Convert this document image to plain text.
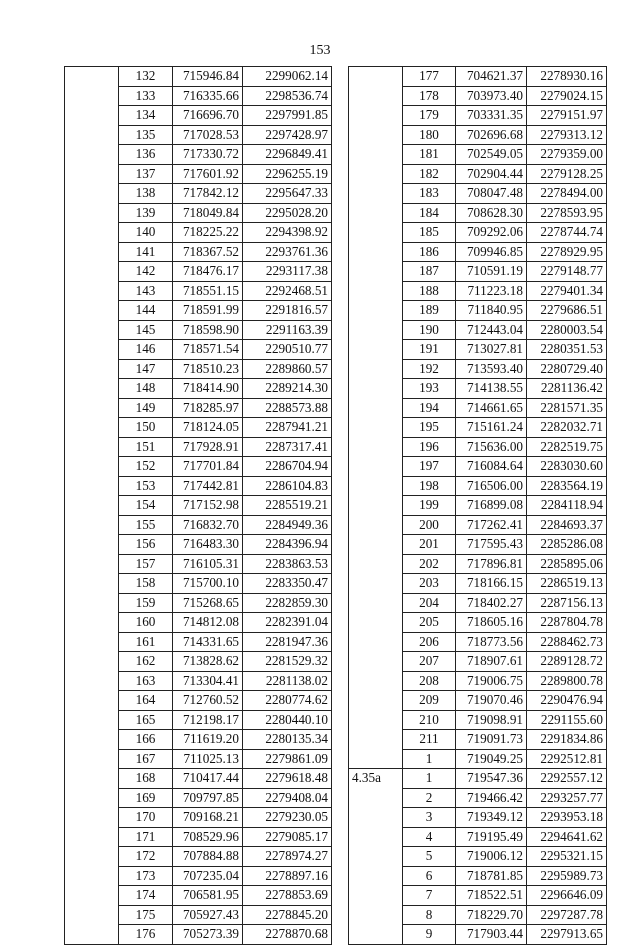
153
	132	715946.84	2299062.14
	133	716335.66	2298536.74
	134	716696.70	2297991.85
	135	717028.53	2297428.97
	136	717330.72	2296849.41
	137	717601.92	2296255.19
	138	717842.12	2295647.33
	139	718049.84	2295028.20
	140	718225.22	2294398.92
	141	718367.52	2293761.36
	142	718476.17	2293117.38
	143	718551.15	2292468.51
	144	718591.99	2291816.57
	145	718598.90	2291163.39
	146	718571.54	2290510.77
	147	718510.23	2289860.57
	148	718414.90	2289214.30
	149	718285.97	2288573.88
	150	718124.05	2287941.21
	151	717928.91	2287317.41
	152	717701.84	2286704.94
	153	717442.81	2286104.83
	154	717152.98	2285519.21
	155	716832.70	2284949.36
	156	716483.30	2284396.94
	157	716105.31	2283863.53
	158	715700.10	2283350.47
	159	715268.65	2282859.30
	160	714812.08	2282391.04
	161	714331.65	2281947.36
	162	713828.62	2281529.32
	163	713304.41	2281138.02
	164	712760.52	2280774.62
	165	712198.17	2280440.10
	166	711619.20	2280135.34
	167	711025.13	2279861.09
	168	710417.44	2279618.48
	169	709797.85	2279408.04
	170	709168.21	2279230.05
	171	708529.96	2279085.17
	172	707884.88	2278974.27
	173	707235.04	2278897.16
	174	706581.95	2278853.69
	175	705927.43	2278845.20
	176	705273.39	2278870.68
	177	704621.37	2278930.16
	178	703973.40	2279024.15
	179	703331.35	2279151.97
	180	702696.68	2279313.12
	181	702549.05	2279359.00
	182	702904.44	2279128.25
	183	708047.48	2278494.00
	184	708628.30	2278593.95
	185	709292.06	2278744.74
	186	709946.85	2278929.95
	187	710591.19	2279148.77
	188	711223.18	2279401.34
	189	711840.95	2279686.51
	190	712443.04	2280003.54
	191	713027.81	2280351.53
	192	713593.40	2280729.40
	193	714138.55	2281136.42
	194	714661.65	2281571.35
	195	715161.24	2282032.71
	196	715636.00	2282519.75
	197	716084.64	2283030.60
	198	716506.00	2283564.19
	199	716899.08	2284118.94
	200	717262.41	2284693.37
	201	717595.43	2285286.08
	202	717896.81	2285895.06
	203	718166.15	2286519.13
	204	718402.27	2287156.13
	205	718605.16	2287804.78
	206	718773.56	2288462.73
	207	718907.61	2289128.72
	208	719006.75	2289800.78
	209	719070.46	2290476.94
	210	719098.91	2291155.60
	211	719091.73	2291834.86
	1	719049.25	2292512.81
4.35a	1	719547.36	2292557.12
	2	719466.42	2293257.77
	3	719349.12	2293953.18
	4	719195.49	2294641.62
	5	719006.12	2295321.15
	6	718781.85	2295989.73
	7	718522.51	2296646.09
	8	718229.70	2297287.78
	9	717903.44	2297913.65
